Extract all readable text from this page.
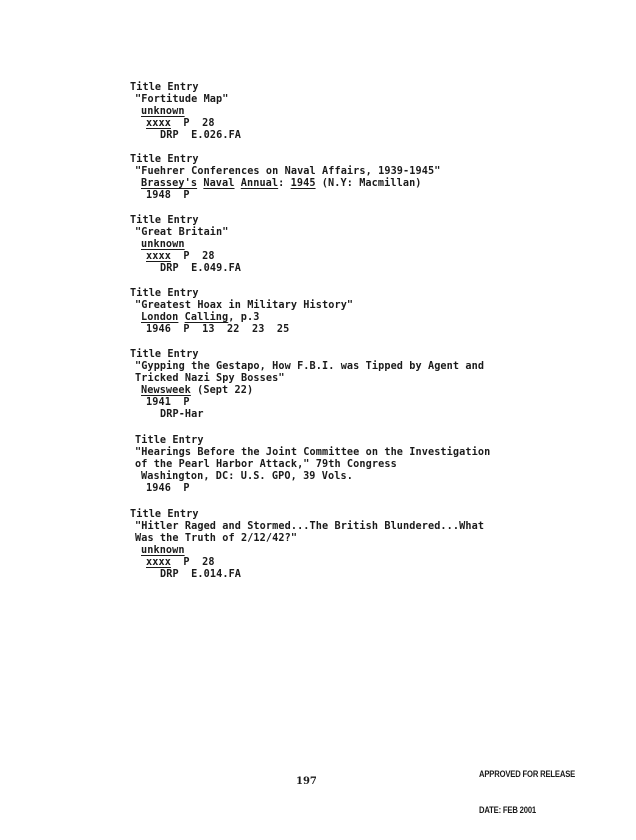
Title Entry
"Fortitude Map"
unknown
xxxx  P  28
DRP  E.026.FA
Title Entry
"Fuehrer Conferences on Naval Affairs, 1939-1945"
Brassey's Naval Annual: 1945 (N.Y: Macmillan)
1948  P
Title Entry
"Great Britain"
unknown
xxxx  P  28
DRP  E.049.FA
Title Entry
"Greatest Hoax in Military History"
London Calling, p.3
1946  P  13  22  23  25
Title Entry
"Gypping the Gestapo, How F.B.I. was Tipped by Agent and
Tricked Nazi Spy Bosses"
Newsweek (Sept 22)
1941  P
DRP-Har
Title Entry
"Hearings Before the Joint Committee on the Investigation
of the Pearl Harbor Attack," 79th Congress
Washington, DC: U.S. GPO, 39 Vols.
1946  P
Title Entry
"Hitler Raged and Stormed...The British Blundered...What
Was the Truth of 2/12/42?"
unknown
xxxx  P  28
DRP  E.014.FA

APPROVED FOR RELEASE

DATE: FEB 2001

197
